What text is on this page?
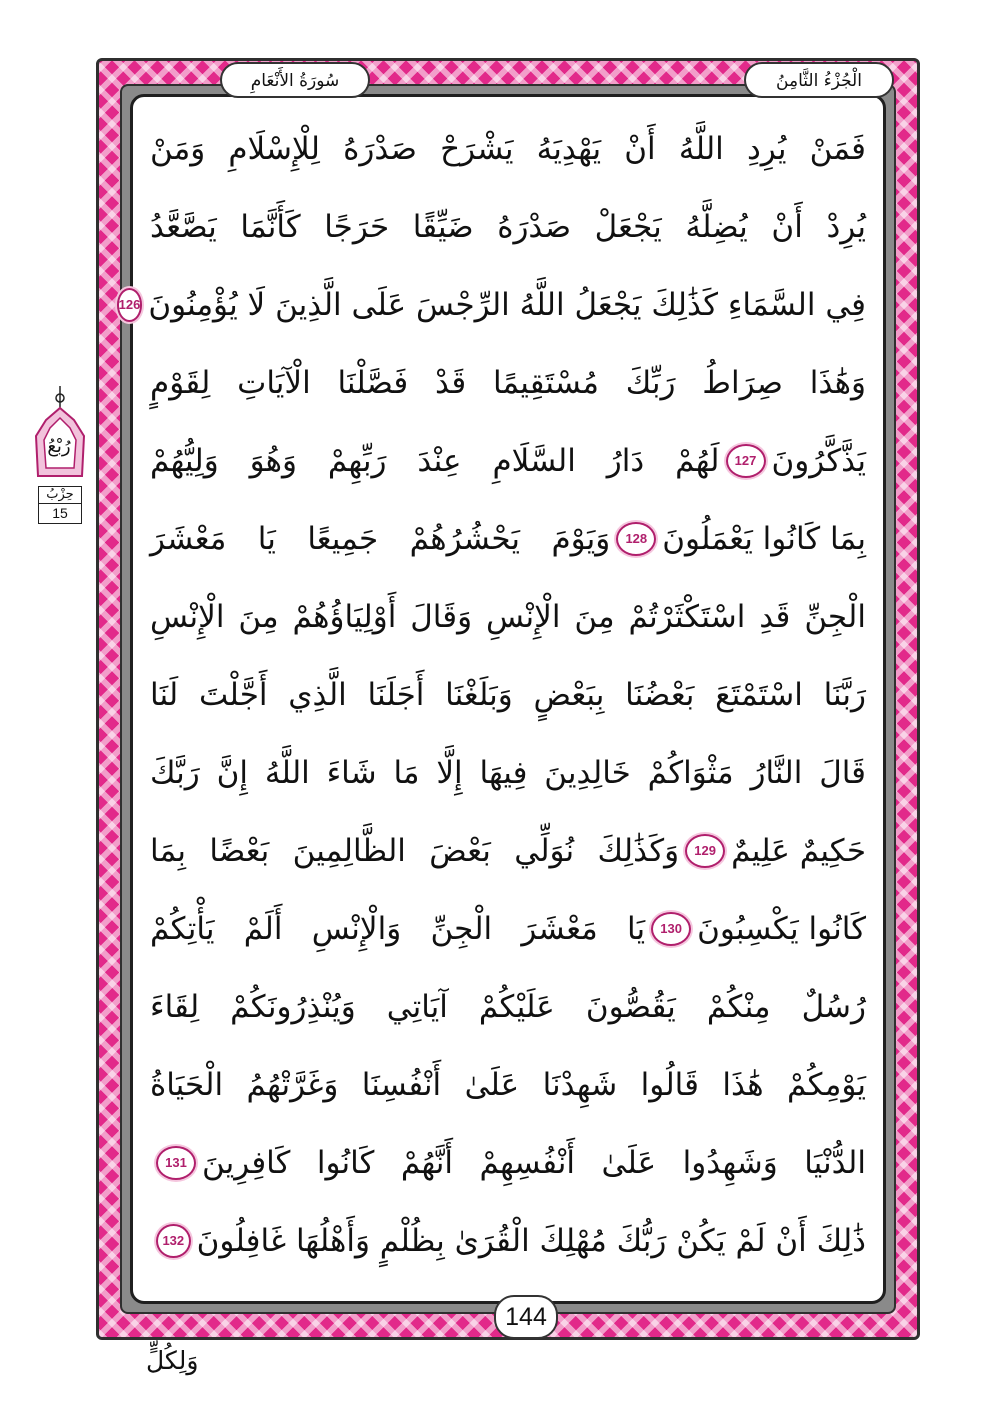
الْجُزْءُ الثَّامِنُ
سُورَةُ الأَنْعَامِ
رُبْعُ
حِزْبُ
15
فَمَنْ يُرِدِ اللَّهُ أَنْ يَهْدِيَهُ يَشْرَحْ صَدْرَهُ لِلْإِسْلَامِ وَمَنْ
يُرِدْ أَنْ يُضِلَّهُ يَجْعَلْ صَدْرَهُ ضَيِّقًا حَرَجًا كَأَنَّمَا يَصَّعَّدُ
فِي السَّمَاءِ كَذَٰلِكَ يَجْعَلُ اللَّهُ الرِّجْسَ عَلَى الَّذِينَ لَا يُؤْمِنُونَ
126
وَهَٰذَا صِرَاطُ رَبِّكَ مُسْتَقِيمًا قَدْ فَصَّلْنَا الْآيَاتِ لِقَوْمٍ
يَذَّكَّرُونَ
127
لَهُمْ دَارُ السَّلَامِ عِنْدَ رَبِّهِمْ وَهُوَ وَلِيُّهُمْ
بِمَا كَانُوا يَعْمَلُونَ
128
وَيَوْمَ يَحْشُرُهُمْ جَمِيعًا يَا مَعْشَرَ
الْجِنِّ قَدِ اسْتَكْثَرْتُمْ مِنَ الْإِنْسِ وَقَالَ أَوْلِيَاؤُهُمْ مِنَ الْإِنْسِ
رَبَّنَا اسْتَمْتَعَ بَعْضُنَا بِبَعْضٍ وَبَلَغْنَا أَجَلَنَا الَّذِي أَجَّلْتَ لَنَا
قَالَ النَّارُ مَثْوَاكُمْ خَالِدِينَ فِيهَا إِلَّا مَا شَاءَ اللَّهُ إِنَّ رَبَّكَ
حَكِيمٌ عَلِيمٌ
129
وَكَذَٰلِكَ نُوَلِّي بَعْضَ الظَّالِمِينَ بَعْضًا بِمَا
كَانُوا يَكْسِبُونَ
130
يَا مَعْشَرَ الْجِنِّ وَالْإِنْسِ أَلَمْ يَأْتِكُمْ
رُسُلٌ مِنْكُمْ يَقُصُّونَ عَلَيْكُمْ آيَاتِي وَيُنْذِرُونَكُمْ لِقَاءَ
يَوْمِكُمْ هَٰذَا قَالُوا شَهِدْنَا عَلَىٰ أَنْفُسِنَا وَغَرَّتْهُمُ الْحَيَاةُ
الدُّنْيَا وَشَهِدُوا عَلَىٰ أَنْفُسِهِمْ أَنَّهُمْ كَانُوا كَافِرِينَ
131
ذَٰلِكَ أَنْ لَمْ يَكُنْ رَبُّكَ مُهْلِكَ الْقُرَىٰ بِظُلْمٍ وَأَهْلُهَا غَافِلُونَ
132
144
وَلِكُلٍّ
